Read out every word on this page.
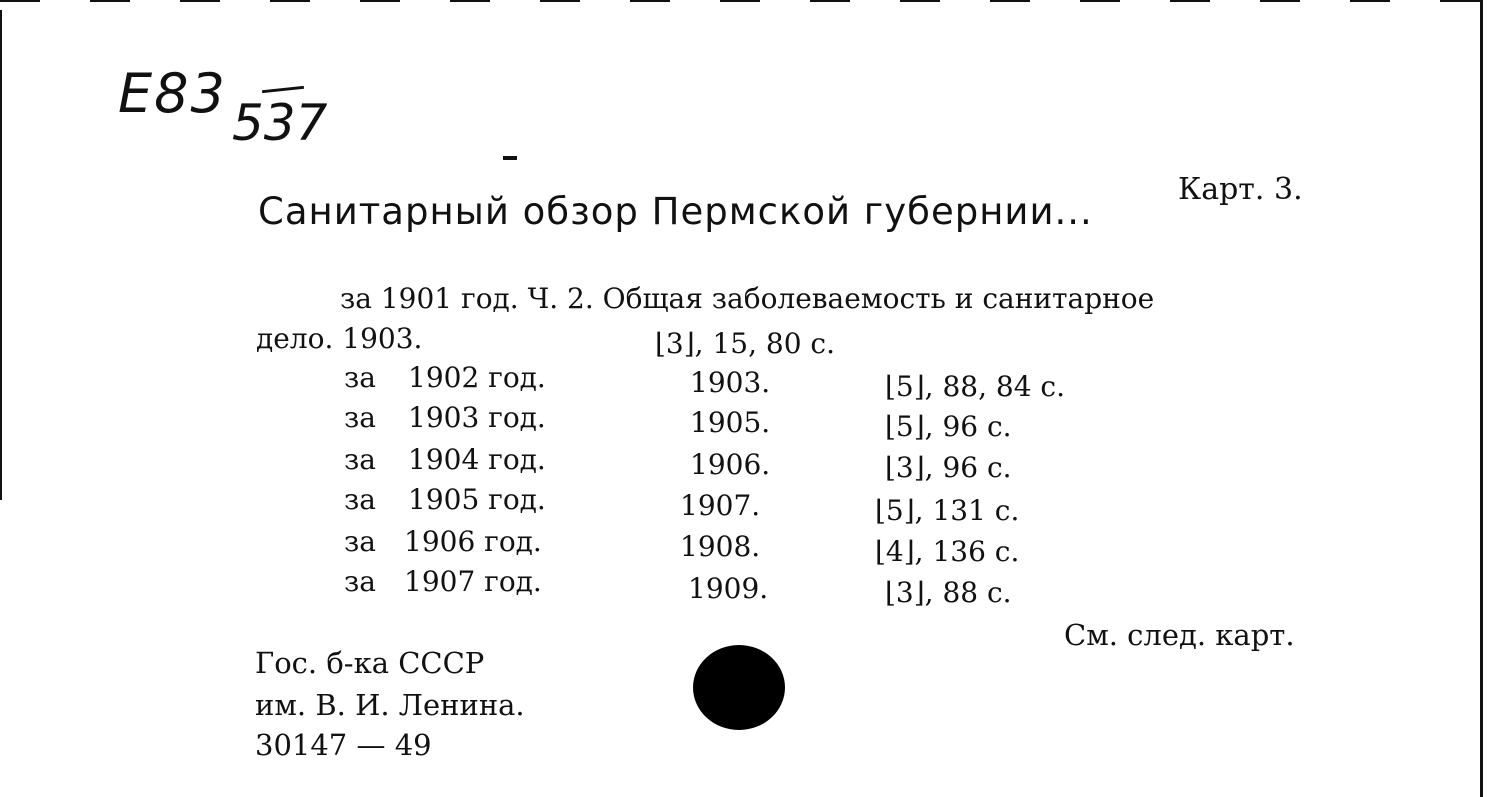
E83 537
Карт. 3.
Санитарный обзор Пермской губернии...
за 1901 год. Ч. 2. Общая заболеваемость и санитарное
дело. 1903.	⌊3⌋, 15, 80 с.
за 1902 год.	1903.	⌊5⌋, 88, 84 с.
за 1903 год.	1905.	⌊5⌋, 96 с.
за 1904 год.	1906.	⌊3⌋, 96 с.
за 1905 год.	1907.	⌊5⌋, 131 с.
за 1906 год.	1908.	⌊4⌋, 136 с.
за 1907 год.	1909.	⌊3⌋, 88 с.
См. след. карт.
Гос. б-ка СССР
им. В. И. Ленина.
30147 — 49
